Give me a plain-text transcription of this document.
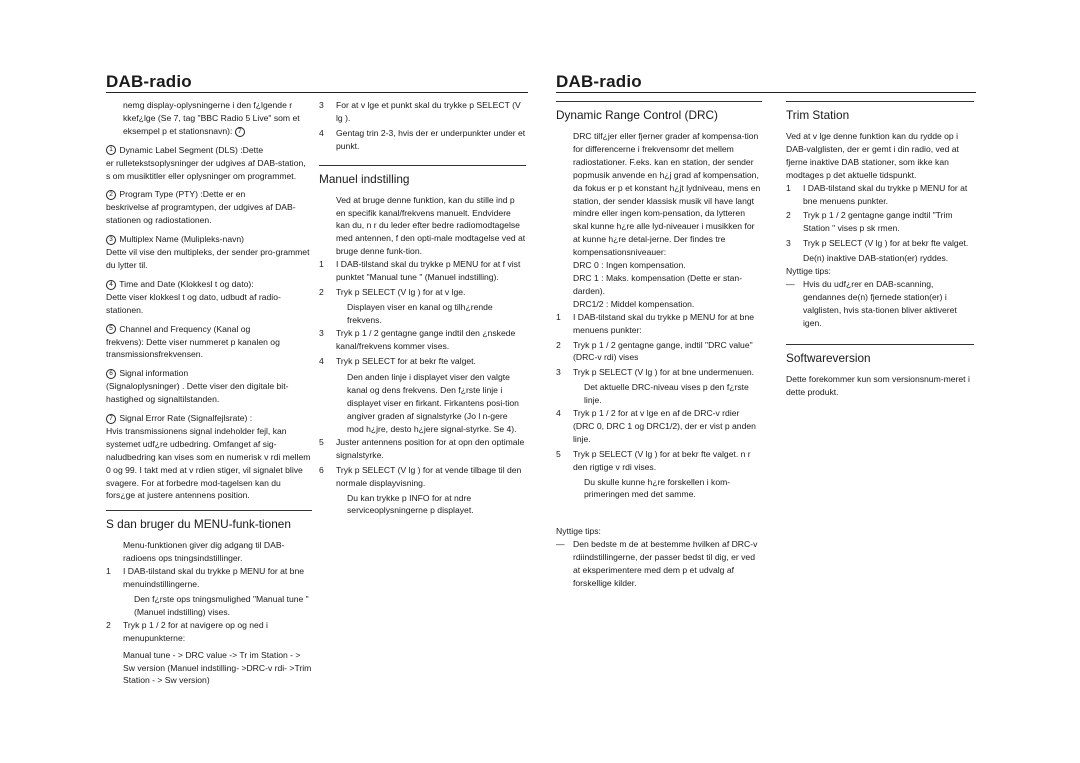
DAB-radio	DAB-radio

nemg display-oplysningerne i den f¿lgende r kkef¿lge (Se 7, tag "BBC Radio 5 Live" som et eksempel p et stationsnavn): 7

1 Dynamic Label Segment (DLS) :Dette
er rulletekstsoplysninger der udgives af DAB-station, s om musiktitler eller oplysninger om programmet.
2 Program Type (PTY) :Dette er en
beskrivelse af programtypen, der udgives af DAB-stationen og radiostationen.
3 Multiplex Name (Mulipleks-navn)
Dette vil vise den multipleks, der sender pro-grammet du lytter til.
4 Time and Date (Klokkesl t og dato):
Dette viser klokkesl t og dato, udbudt af radio-stationen.
5 Channel and Frequency (Kanal og
frekvens): Dette viser nummeret p kanalen og transmissionsfrekvensen.
6 Signal information
(Signaloplysninger) . Dette viser den digitale bit-hastighed og signaltilstanden.
7 Signal Error Rate (Signalfejlsrate) :
Hvis transmissionens signal indeholder fejl, kan systemet udf¿re udbedring. Omfanget af sig-naludbedring kan vises som en numerisk v rdi mellem 0 og 99. I takt med at v rdien stiger, vil signalet blive svagere. For at forbedre mod-tagelsen kan du fors¿ge at justere antennens position.
S dan bruger du MENU-funk-tionen

Menu-funktionen giver dig adgang til DAB-radioens ops tningsindstillinger.

1 I DAB-tilstand skal du trykke p MENU for at bne menuindstillingerne.

Den f¿rste ops tningsmulighed "Manual tune " (Manuel indstilling) vises.

2 Tryk p 1 / 2 for at navigere op og ned i menupunkterne:

Manual tune - > DRC value -> Tr im Station - > Sw version (Manuel indstilling- >DRC-v rdi- >Trim Station - > Sw version)

3 For at v lge et punkt skal du trykke p SELECT (V lg ).
4 Gentag trin 2-3, hvis der er underpunkter under et punkt.
Manuel indstilling

Ved at bruge denne funktion, kan du stille ind p en specifik kanal/frekvens manuelt. Endvidere kan du, n r du leder efter bedre radiomodtagelse med antennen, f den opti-male modtagelse ved at bruge denne funk-tion.

1 I DAB-tilstand skal du trykke p MENU for at f vist punktet "Manual tune " (Manuel indstilling).
2 Tryk p SELECT (V lg ) for at v lge.

Displayen viser en kanal og tilh¿rende frekvens.

3 Tryk p 1 / 2 gentagne gange indtil den ¿nskede kanal/frekvens kommer vises.
4 Tryk p SELECT for at bekr fte valget.

Den anden linje i displayet viser den valgte kanal og dens frekvens. Den f¿rste linje i displayet viser en firkant. Firkantens posi-tion angiver graden af signalstyrke (Jo l n-gere mod h¿jre, desto h¿jere signal-styrke. Se 4).

5 Juster antennens position for at opn den optimale signalstyrke.
6 Tryk p SELECT (V lg ) for at vende tilbage til den normale displayvisning.

Du kan trykke p INFO for at ndre serviceoplysningerne p displayet.

Dynamic Range Control (DRC)

DRC tilf¿jer eller fjerner grader af kompensa-tion for differencerne i frekvensomr det mellem radiostationer. F.eks. kan en station, der sender popmusik anvende en h¿j grad af kompensation, da fokus er p et konstant h¿jt lydniveau, mens en station, der sender klassisk musik vil have langt mindre eller ingen kom-pensation, da lytteren skal kunne h¿re alle lyd-niveauer i musikken for at kunne h¿re detal-jerne. Der findes tre kompensationsniveauer:

DRC 0 : Ingen kompensation.

DRC 1 : Maks. kompensation (Dette er stan-darden).

DRC1/2 : Middel kompensation.

1 I DAB-tilstand skal du trykke p MENU for at bne menuens punkter:
2 Tryk p 1 / 2 gentagne gange, indtil "DRC value" (DRC-v rdi) vises
3 Tryk p SELECT (V lg ) for at bne undermenuen.

Det aktuelle DRC-niveau vises p den f¿rste linje.

4 Tryk p 1 / 2 for at v lge en af de DRC-v rdier (DRC 0, DRC 1 og DRC1/2), der er vist p anden linje.
5 Tryk p SELECT (V lg ) for at bekr fte valget. n r den rigtige v rdi vises.

Du skulle kunne h¿re forskellen i kom-primeringen med det samme.

Nyttige tips:

— Den bedste m de at bestemme hvilken af DRC-v rdiindstillingerne, der passer bedst til dig, er ved at eksperimentere med dem p et udvalg af forskellige kilder.
Trim Station

Ved at v lge denne funktion kan du rydde op i DAB-valglisten, der er gemt i din radio, ved at fjerne inaktive DAB stationer, som ikke kan modtages p det aktuelle tidspunkt.

1 I DAB-tilstand skal du trykke p MENU for at bne menuens punkter.
2 Tryk p 1 / 2 gentagne gange indtil "Trim Station " vises p sk rmen.
3 Tryk p SELECT (V lg ) for at bekr fte valget.

De(n) inaktive DAB-station(er) ryddes.

Nyttige tips:

— Hvis du udf¿rer en DAB-scanning, gendannes de(n) fjernede station(er) i valglisten, hvis sta-tionen bliver aktiveret igen.
Softwareversion

Dette forekommer kun som versionsnum-meret i dette produkt.
